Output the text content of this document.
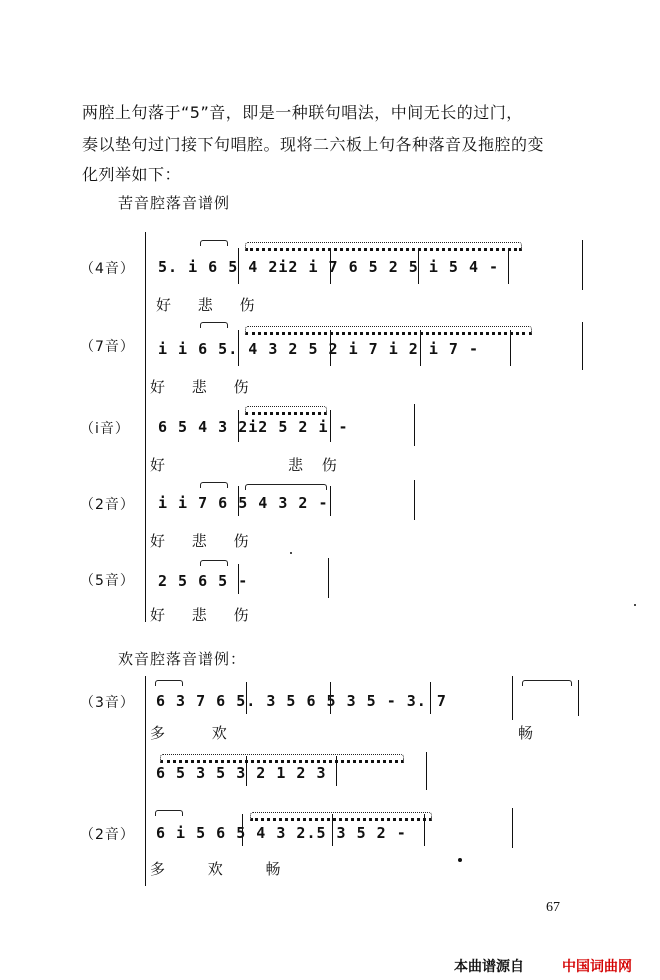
两腔上句落于“5”音，即是一种联句唱法，中间无长的过门，
奏以垫句过门接下句唱腔。现将二六板上句各种落音及拖腔的变
化列举如下：
苦音腔落音谱例
（4音） 5. i 6 5 4 2i2 i 7 6 5 2 5 i 5 4 -
好 悲 伤
（7音） i i 6 5. 4 3 2 5 2 i 7 i 2 i 7 -
好 悲 伤
（i音） 6 5 4 3 2i2 5 2 i -
好	悲 伤
（2音） i i 7 6 5 4 3 2 -
好 悲 伤
（5音） 2 5 6 5 -
好 悲 伤
欢音腔落音谱例：
（3音） 6 3 7 6 5. 3 5 6 5 3 5 - 3. 7
多 欢	畅
6 5 3 5 3 2 1 2 3
（2音） 6 i 5 6 5 4 3 2.5 3 5 2 -
多 欢 畅
67
本曲谱源自	中国词曲网
